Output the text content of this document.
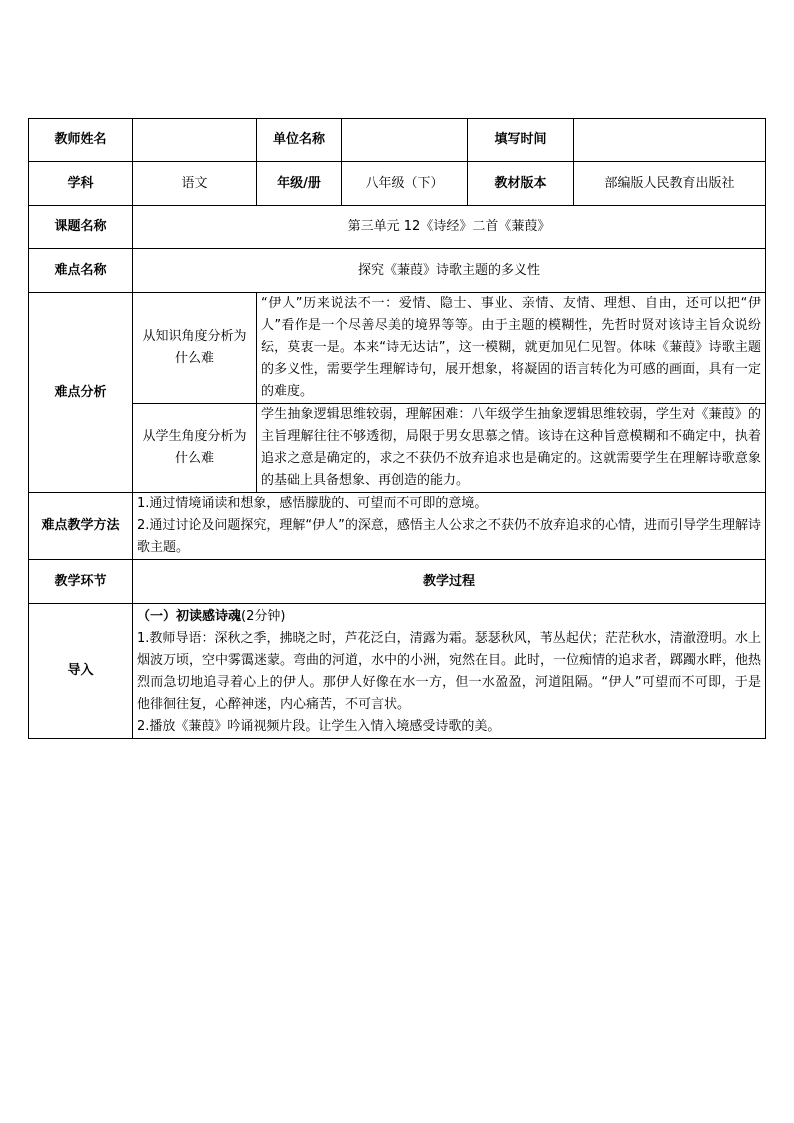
教师姓名		单位名称		填写时间	
学科	语文	年级/册	八年级（下）	教材版本	部编版人民教育出版社
课题名称	第三单元 12《诗经》二首《蒹葭》				
难点名称	探究《蒹葭》诗歌主题的多义性				
难点分析	从知识角度分析为什么难	“伊人”历来说法不一：爱情、隐士、事业、亲情、友情、理想、自由，还可以把“伊人”看作是一个尽善尽美的境界等等。由于主题的模糊性，先哲时贤对该诗主旨众说纷纭，莫衷一是。本来“诗无达诂”，这一模糊，就更加见仁见智。体味《蒹葭》诗歌主题的多义性，需要学生理解诗句，展开想象，将凝固的语言转化为可感的画面，具有一定的难度。			
	从学生角度分析为什么难	学生抽象逻辑思维较弱，理解困难：八年级学生抽象逻辑思维较弱，学生对《蒹葭》的主旨理解往往不够透彻，局限于男女思慕之情。该诗在这种旨意模糊和不确定中，执着追求之意是确定的，求之不获仍不放弃追求也是确定的。这就需要学生在理解诗歌意象的基础上具备想象、再创造的能力。			
难点教学方法	1.通过情境诵读和想象，感悟朦胧的、可望而不可即的意境。

2.通过讨论及问题探究，理解“伊人”的深意，感悟主人公求之不获仍不放弃追求的心情，进而引导学生理解诗歌主题。				

教学环节	教学过程				
导入	（一）初读感诗魂(2分钟)

1.教师导语：深秋之季，拂晓之时，芦花泛白，清露为霜。瑟瑟秋风，苇丛起伏；茫茫秋水，清澈澄明。水上烟波万顷，空中雾霭迷蒙。弯曲的河道，水中的小洲，宛然在目。此时，一位痴情的追求者，踯躅水畔，他热烈而急切地追寻着心上的伊人。那伊人好像在水一方，但一水盈盈，河道阻隔。“伊人”可望而不可即，于是他徘徊往复，心醉神迷，内心痛苦，不可言状。

2.播放《蒹葭》吟诵视频片段。让学生入情入境感受诗歌的美。				
